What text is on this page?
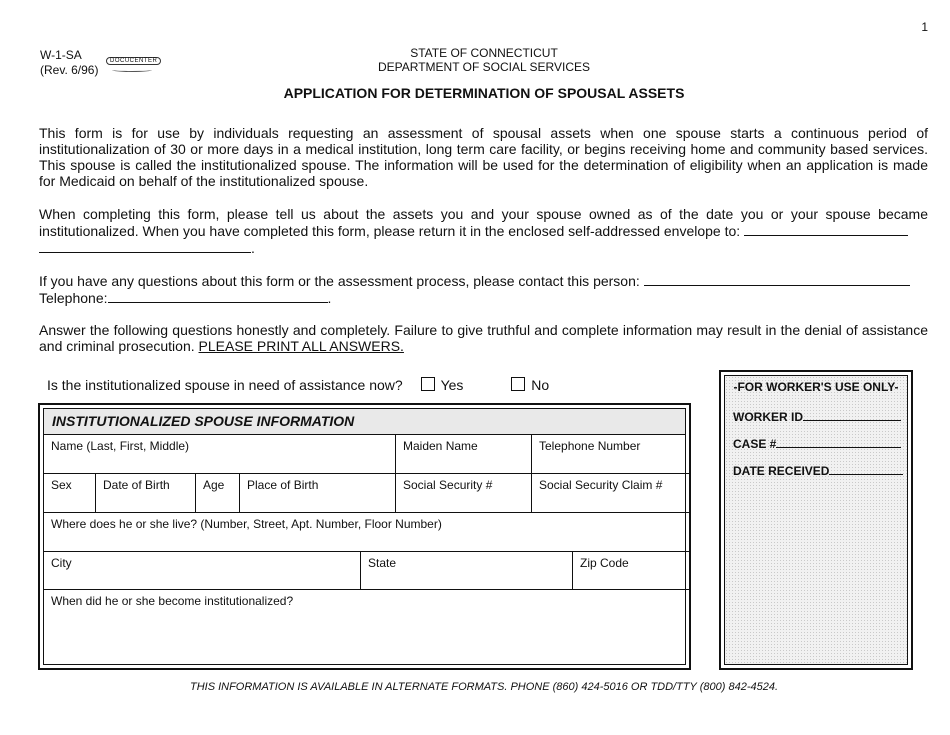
1
W-1-SA
(Rev. 6/96)
DOCUCENTER
STATE OF CONNECTICUT
DEPARTMENT OF SOCIAL SERVICES
APPLICATION FOR DETERMINATION OF SPOUSAL ASSETS
This form is for use by individuals requesting an assessment of spousal assets when one spouse starts a continuous period of institutionalization of 30 or more days in a medical institution, long term care facility, or begins receiving home and community based services. This spouse is called the institutionalized spouse. The information will be used for the determination of eligibility when an application is made for Medicaid on behalf of the institutionalized spouse.
When completing this form, please tell us about the assets you and your spouse owned as of the date you or your spouse became institutionalized. When you have completed this form, please return it in the enclosed self-addressed envelope to:
.
If you have any questions about this form or the assessment process, please contact this person:
Telephone:	.
Answer the following questions honestly and completely. Failure to give truthful and complete information may result in the denial of assistance and criminal prosecution. PLEASE PRINT ALL ANSWERS.
Is the institutionalized spouse in need of assistance now?	Yes	No
INSTITUTIONALIZED SPOUSE INFORMATION
Name (Last, First, Middle)	Maiden Name	Telephone Number
Sex	Date of Birth	Age	Place of Birth	Social Security #	Social Security Claim #
Where does he or she live? (Number, Street, Apt. Number, Floor Number)
City	State	Zip Code
When did he or she become institutionalized?
-FOR WORKER'S USE ONLY-
WORKER ID
CASE #
DATE RECEIVED
THIS INFORMATION IS AVAILABLE IN ALTERNATE FORMATS. PHONE (860) 424-5016 OR TDD/TTY (800) 842-4524.
